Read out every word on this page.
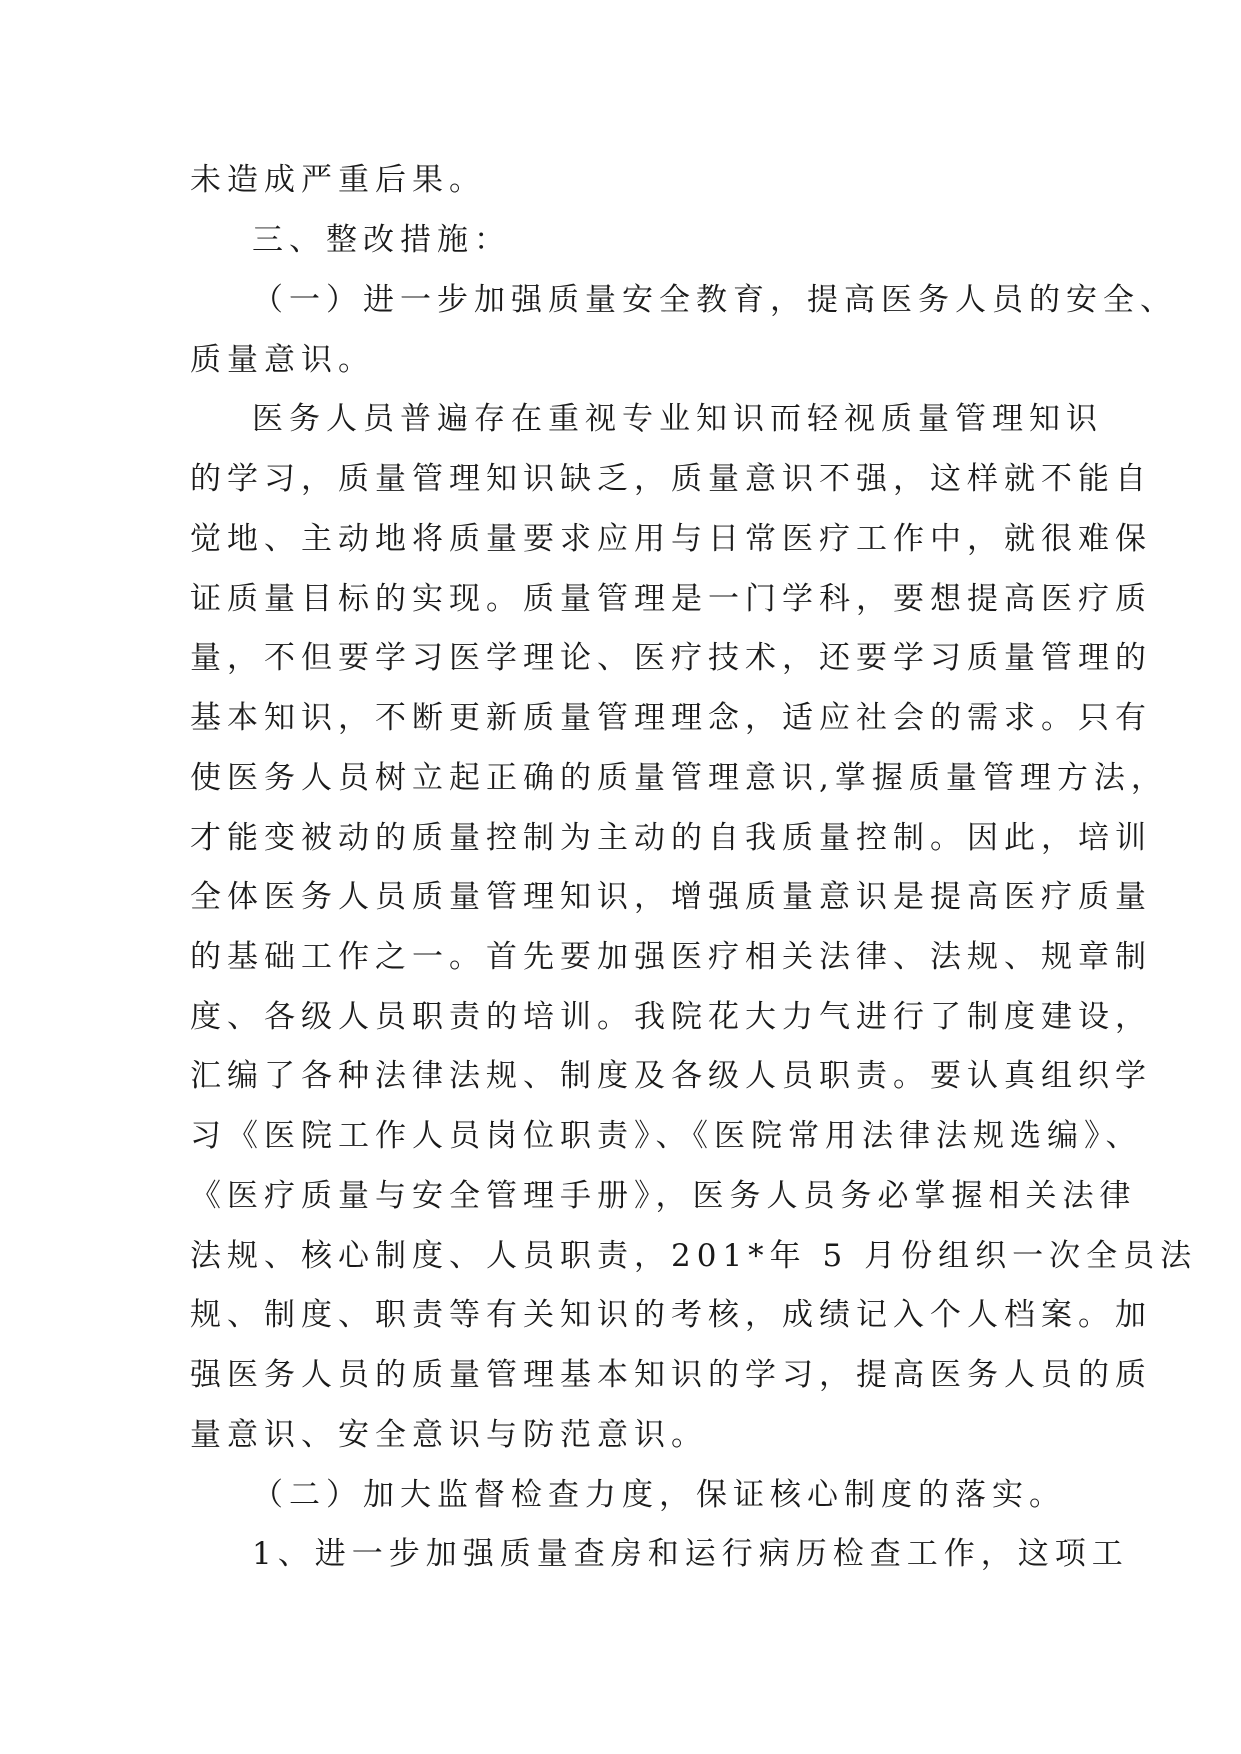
未造成严重后果。
三、整改措施：
（一）进一步加强质量安全教育，提高医务人员的安全、
质量意识。
医务人员普遍存在重视专业知识而轻视质量管理知识
的学习，质量管理知识缺乏，质量意识不强，这样就不能自
觉地、主动地将质量要求应用与日常医疗工作中，就很难保
证质量目标的实现。质量管理是一门学科，要想提高医疗质
量，不但要学习医学理论、医疗技术，还要学习质量管理的
基本知识，不断更新质量管理理念，适应社会的需求。只有
使医务人员树立起正确的质量管理意识,掌握质量管理方法，
才能变被动的质量控制为主动的自我质量控制。因此，培训
全体医务人员质量管理知识，增强质量意识是提高医疗质量
的基础工作之一。首先要加强医疗相关法律、法规、规章制
度、各级人员职责的培训。我院花大力气进行了制度建设，
汇编了各种法律法规、制度及各级人员职责。要认真组织学
习《医院工作人员岗位职责》、《医院常用法律法规选编》、
《医疗质量与安全管理手册》，医务人员务必掌握相关法律
法规、核心制度、人员职责，201*年 5 月份组织一次全员法
规、制度、职责等有关知识的考核，成绩记入个人档案。加
强医务人员的质量管理基本知识的学习，提高医务人员的质
量意识、安全意识与防范意识。
（二）加大监督检查力度，保证核心制度的落实。
1、进一步加强质量查房和运行病历检查工作，这项工
